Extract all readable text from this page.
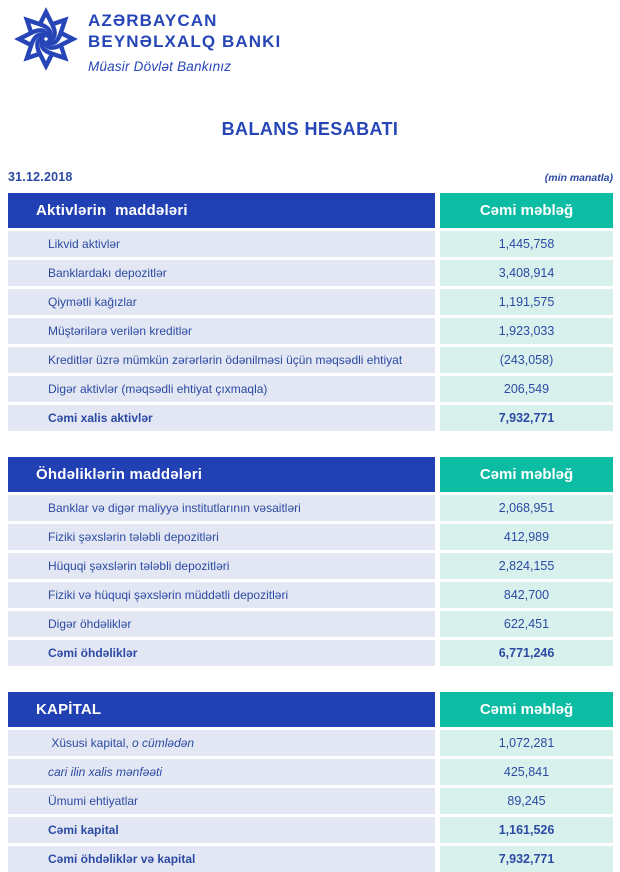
AZƏRBAYCAN
BEYNƏLXALQ BANKI
Müasir Dövlət Bankınız
BALANS HESABATI
31.12.2018	(min manatla)
Aktivlərin  maddələri	Cəmi məbləğ
Likvid aktivlər	1,445,758
Banklardakı depozitlər	3,408,914
Qiymətli kağızlar	1,191,575
Müştərilərə verilən kreditlər	1,923,033
Kreditlər üzrə mümkün zərərlərin ödənilməsi üçün məqsədli ehtiyat	(243,058)
Digər aktivlər (məqsədli ehtiyat çıxmaqla)	206,549
Cəmi xalis aktivlər	7,932,771
Öhdəliklərin maddələri	Cəmi məbləğ
Banklar və digər maliyyə institutlarının vəsaitləri	2,068,951
Fiziki şəxslərin tələbli depozitləri	412,989
Hüquqi şəxslərin tələbli depozitləri	2,824,155
Fiziki və hüquqi şəxslərin müddətli depozitləri	842,700
Digər öhdəliklər	622,451
Cəmi öhdəliklər	6,771,246
KAPİTAL	Cəmi məbləğ
Xüsusi kapital, o cümlədən	1,072,281
cari ilin xalis mənfəəti	425,841
Ümumi ehtiyatlar	89,245
Cəmi kapital	1,161,526
Cəmi öhdəliklər və kapital	7,932,771
